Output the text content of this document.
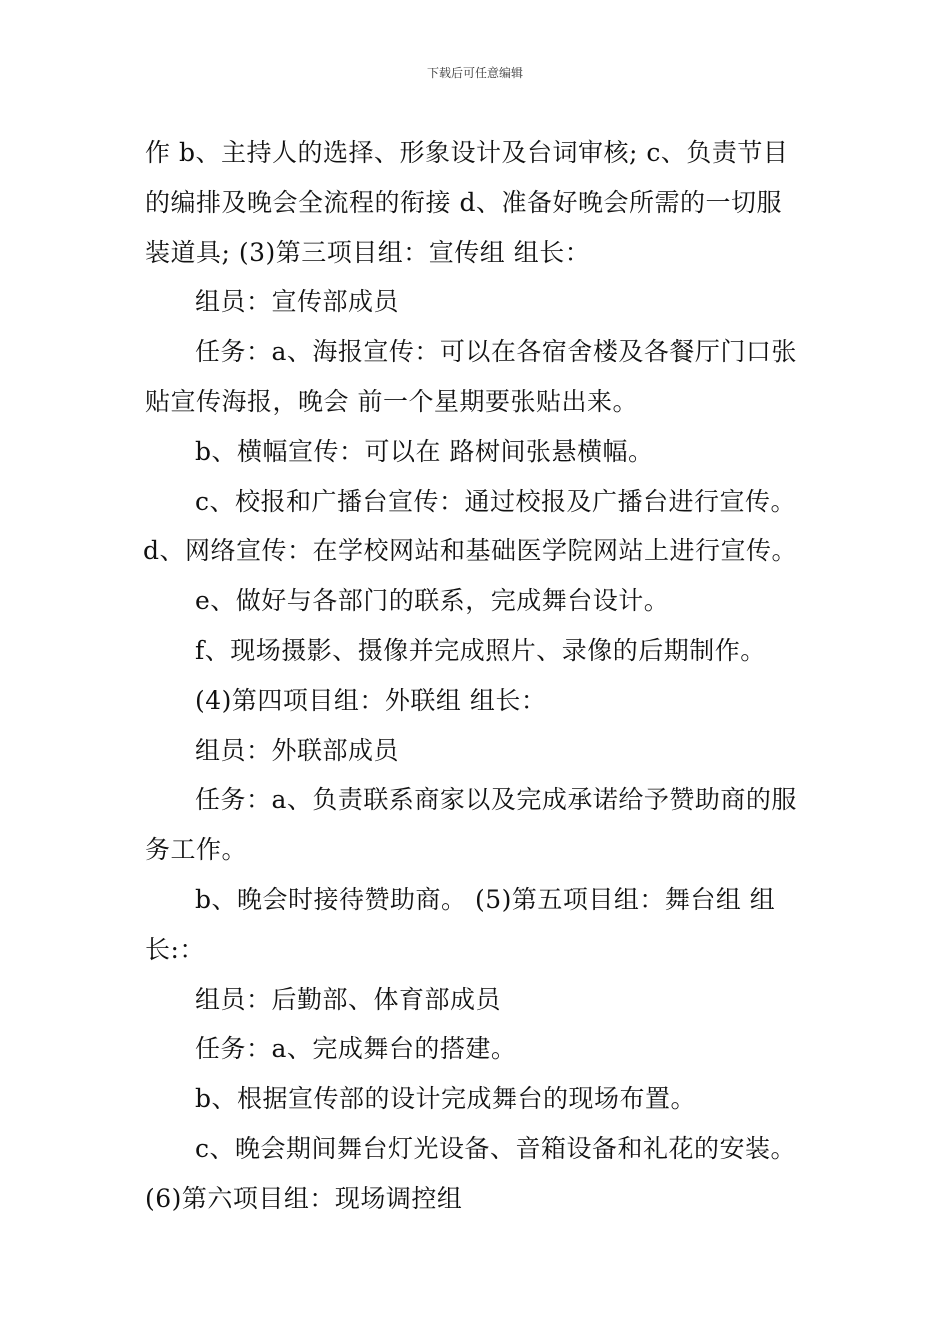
下载后可任意编辑
作 b、主持人的选择、形象设计及台词审核; c、负责节目
的编排及晚会全流程的衔接 d、准备好晚会所需的一切服
装道具; (3)第三项目组：宣传组 组长：
组员：宣传部成员
任务：a、海报宣传：可以在各宿舍楼及各餐厅门口张
贴宣传海报，晚会 前一个星期要张贴出来。
b、横幅宣传：可以在 路树间张悬横幅。
c、校报和广播台宣传：通过校报及广播台进行宣传。
d、网络宣传：在学校网站和基础医学院网站上进行宣传。
e、做好与各部门的联系，完成舞台设计。
f、现场摄影、摄像并完成照片、录像的后期制作。
(4)第四项目组：外联组 组长：
组员：外联部成员
任务：a、负责联系商家以及完成承诺给予赞助商的服
务工作。
b、晚会时接待赞助商。 (5)第五项目组：舞台组 组
长:：
组员：后勤部、体育部成员
任务：a、完成舞台的搭建。
b、根据宣传部的设计完成舞台的现场布置。
c、晚会期间舞台灯光设备、音箱设备和礼花的安装。
(6)第六项目组：现场调控组
